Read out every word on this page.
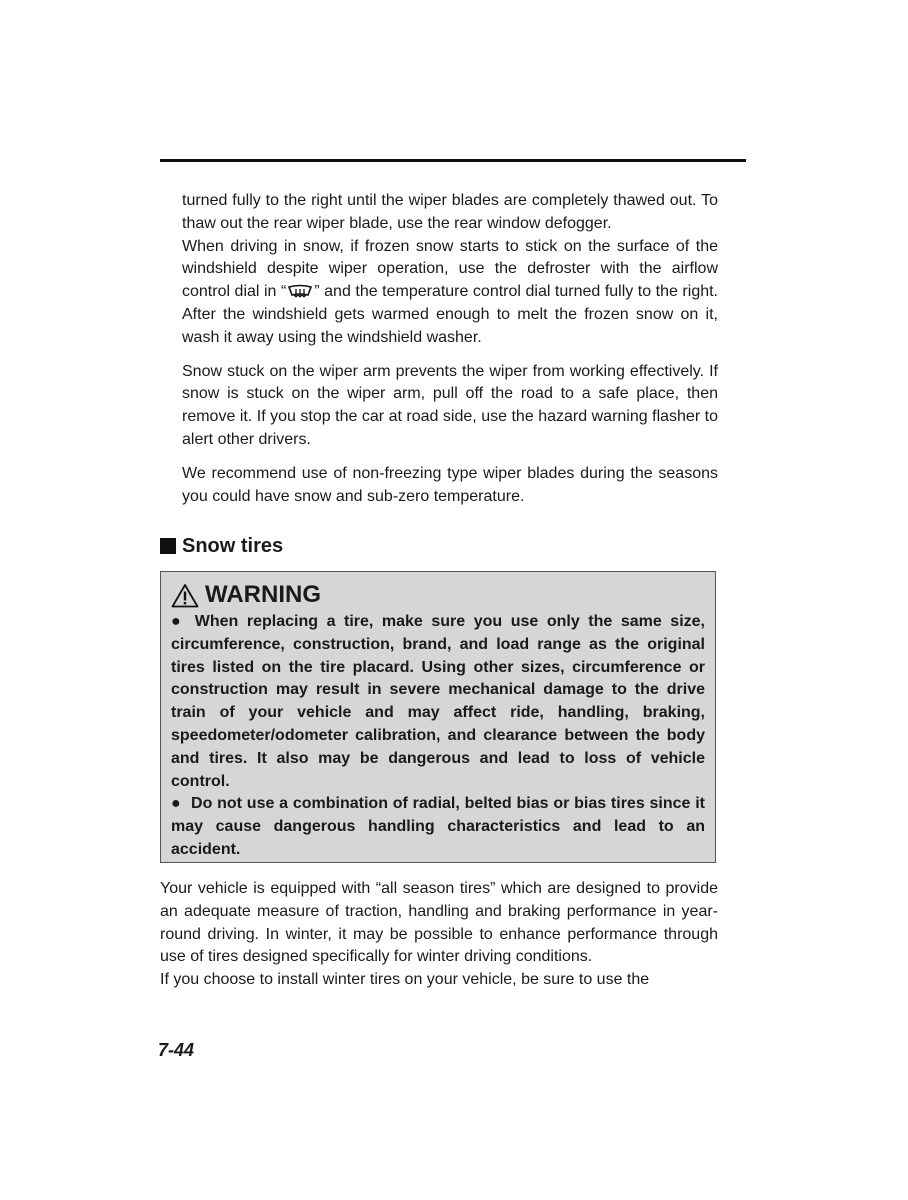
turned fully to the right until the wiper blades are completely thawed out. To thaw out the rear wiper blade, use the rear window defogger.
When driving in snow, if frozen snow starts to stick on the surface of the windshield despite wiper operation, use the defroster with the airflow control dial in “ ” and the temperature control dial turned fully to the right. After the windshield gets warmed enough to melt the frozen snow on it, wash it away using the windshield washer.

Snow stuck on the wiper arm prevents the wiper from working effectively. If snow is stuck on the wiper arm, pull off the road to a safe place, then remove it. If you stop the car at road side, use the hazard warning flasher to alert other drivers.

We recommend use of non-freezing type wiper blades during the seasons you could have snow and sub-zero temperature.

Snow tires
WARNING

● When replacing a tire, make sure you use only the same size, circumference, construction, brand, and load range as the original tires listed on the tire placard. Using other sizes, circumference or construction may result in severe mechanical damage to the drive train of your vehicle and may affect ride, handling, braking, speedometer/odometer calibration, and clearance between the body and tires. It also may be dangerous and lead to loss of vehicle control.

● Do not use a combination of radial, belted bias or bias tires since it may cause dangerous handling characteristics and lead to an accident.

Your vehicle is equipped with “all season tires” which are designed to provide an adequate measure of traction, handling and braking performance in year-round driving. In winter, it may be possible to enhance performance through use of tires designed specifically for winter driving conditions.

If you choose to install winter tires on your vehicle, be sure to use the

7-44
